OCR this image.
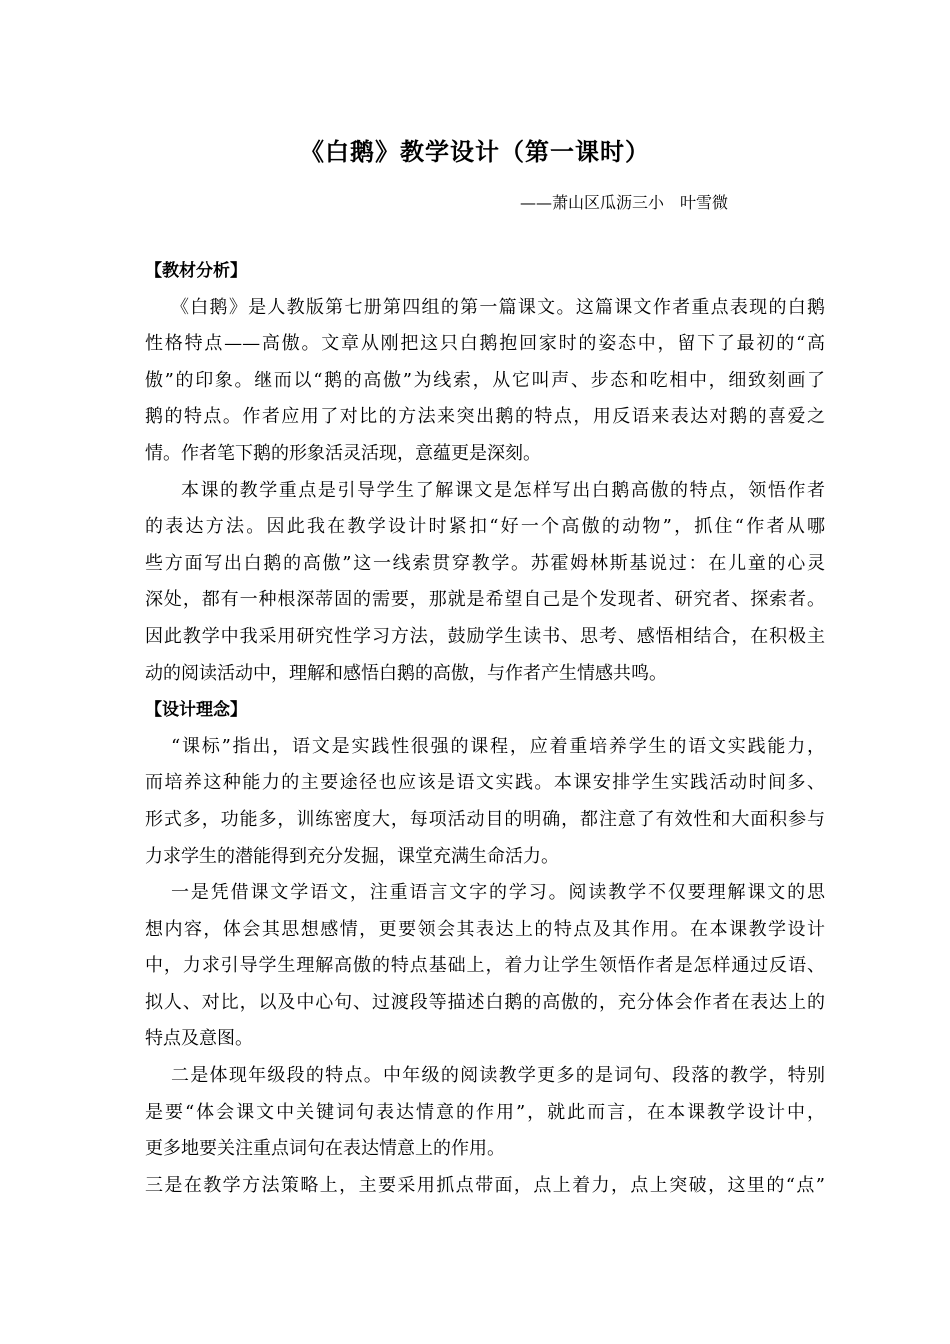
《白鹅》教学设计（第一课时）
——萧山区瓜沥三小　叶雪微
【教材分析】
《白鹅》是人教版第七册第四组的第一篇课文。这篇课文作者重点表现的白鹅
性格特点——高傲。文章从刚把这只白鹅抱回家时的姿态中，留下了最初的“高
傲”的印象。继而以“鹅的高傲”为线索，从它叫声、步态和吃相中，细致刻画了
鹅的特点。作者应用了对比的方法来突出鹅的特点，用反语来表达对鹅的喜爱之
情。作者笔下鹅的形象活灵活现，意蕴更是深刻。
本课的教学重点是引导学生了解课文是怎样写出白鹅高傲的特点，领悟作者
的表达方法。因此我在教学设计时紧扣“好一个高傲的动物”，抓住“作者从哪
些方面写出白鹅的高傲”这一线索贯穿教学。苏霍姆林斯基说过：在儿童的心灵
深处，都有一种根深蒂固的需要，那就是希望自己是个发现者、研究者、探索者。
因此教学中我采用研究性学习方法，鼓励学生读书、思考、感悟相结合，在积极主
动的阅读活动中，理解和感悟白鹅的高傲，与作者产生情感共鸣。
【设计理念】
“课标”指出，语文是实践性很强的课程，应着重培养学生的语文实践能力，
而培养这种能力的主要途径也应该是语文实践。本课安排学生实践活动时间多、
形式多，功能多，训练密度大，每项活动目的明确，都注意了有效性和大面积参与
力求学生的潜能得到充分发掘，课堂充满生命活力。
一是凭借课文学语文，注重语言文字的学习。阅读教学不仅要理解课文的思
想内容，体会其思想感情，更要领会其表达上的特点及其作用。在本课教学设计
中，力求引导学生理解高傲的特点基础上，着力让学生领悟作者是怎样通过反语、
拟人、对比，以及中心句、过渡段等描述白鹅的高傲的，充分体会作者在表达上的
特点及意图。
二是体现年级段的特点。中年级的阅读教学更多的是词句、段落的教学，特别
是要“体会课文中关键词句表达情意的作用”，就此而言，在本课教学设计中，
更多地要关注重点词句在表达情意上的作用。
三是在教学方法策略上，主要采用抓点带面，点上着力，点上突破，这里的“点”
